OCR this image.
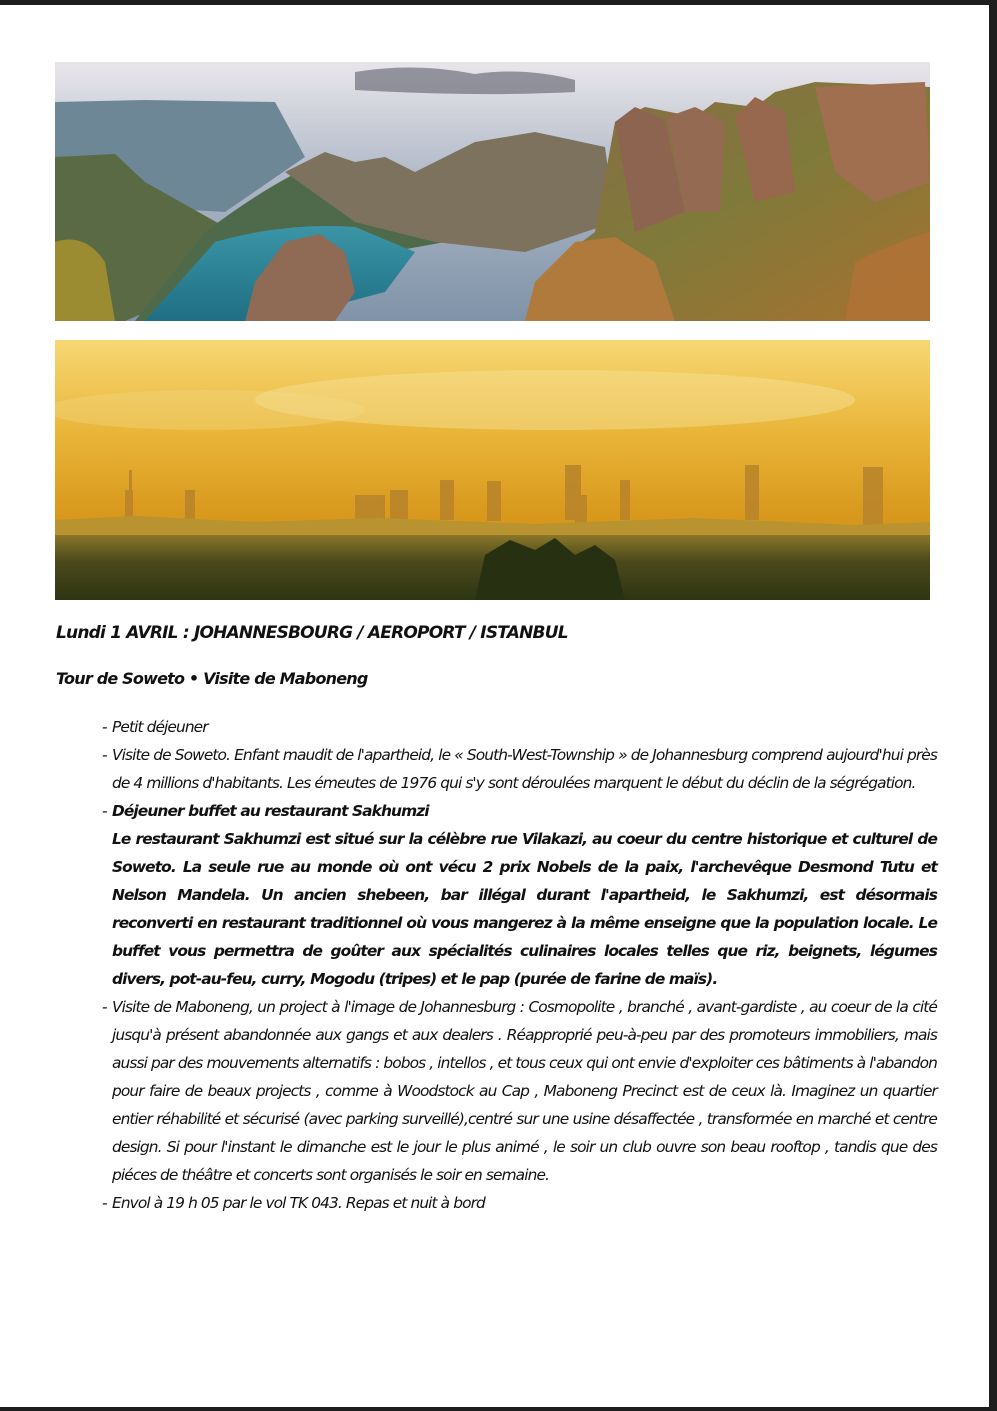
Lundi 1 AVRIL : JOHANNESBOURG / AEROPORT / ISTANBUL
Tour de Soweto • Visite de Maboneng
- Petit déjeuner

- Visite de Soweto. Enfant maudit de l'apartheid, le « South-West-Township » de Johannesburg comprend aujourd'hui près de 4 millions d'habitants. Les émeutes de 1976 qui s'y sont déroulées marquent le début du déclin de la ségrégation.

- Déjeuner buffet au restaurant Sakhumzi

Le restaurant Sakhumzi est situé sur la célèbre rue Vilakazi, au coeur du centre historique et culturel de Soweto. La seule rue au monde où ont vécu 2 prix Nobels de la paix, l'archevêque Desmond Tutu et Nelson Mandela. Un ancien shebeen, bar illégal durant l'apartheid, le Sakhumzi, est désormais reconverti en restaurant traditionnel où vous mangerez à la même enseigne que la population locale. Le buffet vous permettra de goûter aux spécialités culinaires locales telles que riz, beignets, légumes divers, pot-au-feu, curry, Mogodu (tripes) et le pap (purée de farine de maïs).

- Visite de Maboneng, un project à l'image de Johannesburg : Cosmopolite , branché , avant-gardiste , au coeur de la cité jusqu'à présent abandonnée aux gangs et aux dealers . Réapproprié peu-à-peu par des promoteurs immobiliers, mais aussi par des mouvements alternatifs : bobos , intellos , et tous ceux qui ont envie d'exploiter ces bâtiments à l'abandon pour faire de beaux projects , comme à Woodstock au Cap , Maboneng Precinct est de ceux là. Imaginez un quartier entier réhabilité et sécurisé (avec parking surveillé),centré sur une usine désaffectée , transformée en marché et centre design. Si pour l'instant le dimanche est le jour le plus animé , le soir un club ouvre son beau rooftop , tandis que des piéces de théâtre et concerts sont organisés le soir en semaine.

- Envol à 19 h 05 par le vol TK 043. Repas et nuit à bord
